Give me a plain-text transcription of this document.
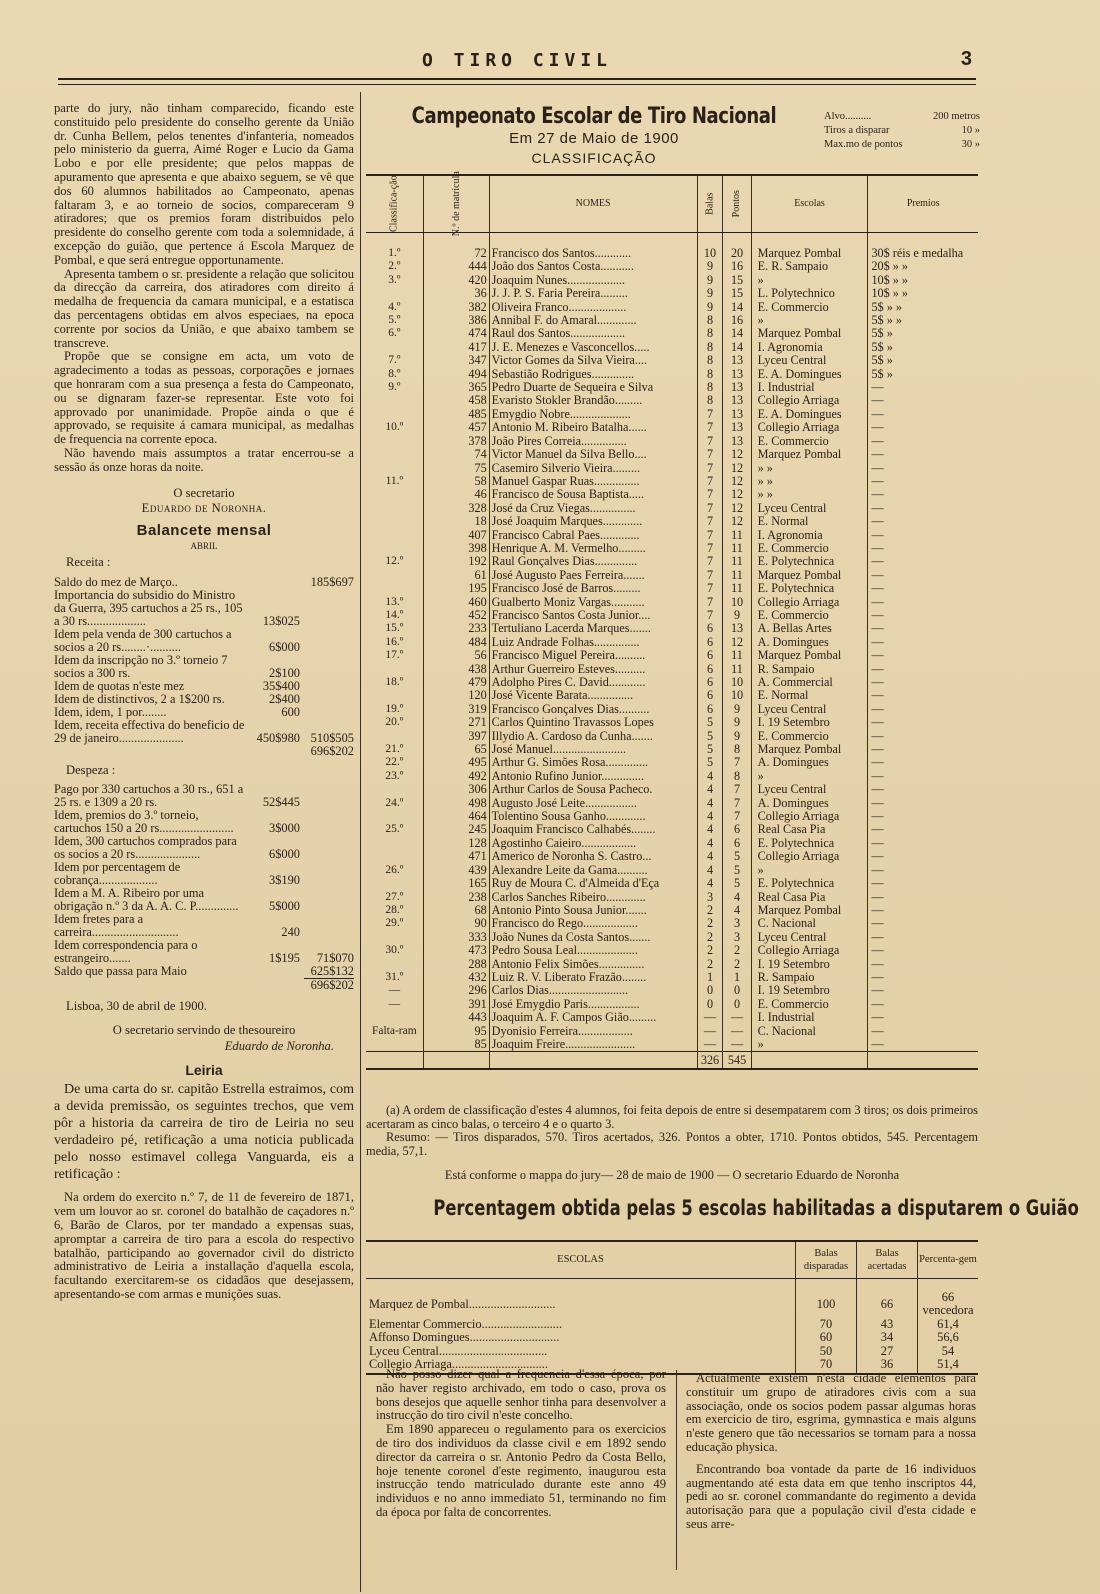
O TIRO CIVIL	3

parte do jury, não tinham comparecido, ficando este constituido pelo presidente do conselho gerente da União dr. Cunha Bellem, pelos tenentes d'infanteria, nomeados pelo ministerio da guerra, Aimé Roger e Lucio da Gama Lobo e por elle presidente; que pelos mappas de apuramento que apresenta e que abaixo seguem, se vê que dos 60 alumnos habilitados ao Campeonato, apenas faltaram 3, e ao torneio de socios, compareceram 9 atiradores; que os premios foram distribuidos pelo presidente do conselho gerente com toda a solemnidade, á excepção do guião, que pertence á Escola Marquez de Pombal, e que será entregue opportunamente.

Apresenta tambem o sr. presidente a relação que solicitou da direcção da carreira, dos atiradores com direito á medalha de frequencia da camara municipal, e a estatisca das percentagens obtidas em alvos especiaes, na epoca corrente por socios da União, e que abaixo tambem se transcreve.

Propõe que se consigne em acta, um voto de agradecimento a todas as pessoas, corporações e jornaes que honraram com a sua presença a festa do Campeonato, ou se dignaram fazer-se representar. Este voto foi approvado por unanimidade. Propõe ainda o que é approvado, se requisite á camara municipal, as medalhas de frequencia na corrente epoca.

Não havendo mais assumptos a tratar encerrou-se a sessão ás onze horas da noite.

O secretario
Eduardo de Noronha.
Balancete mensal
ABRIL
Receita :
Saldo do mez de Março..		185$697
Importancia do subsidio do Ministro da Guerra, 395 cartuchos a 25 rs., 105 a 30 rs...................	13$025	
Idem pela venda de 300 cartuchos a socios a 20 rs........·..........	6$000	
Idem da inscripção no 3.º torneio 7 socios a 300 rs.	2$100	
Idem de quotas n'este mez	35$400	
Idem de distinctivos, 2 a 1$200 rs.	2$400	
Idem, idem, 1 por........	600	
Idem, receita effectiva do beneficio de 29 de janeiro.....................	450$980	510$505
		696$202
Despeza :
Pago por 330 cartuchos a 30 rs., 651 a 25 rs. e 1309 a 20 rs.	52$445	
Idem, premios do 3.º torneio, cartuchos 150 a 20 rs........................	3$000	
Idem, 300 cartuchos comprados para os socios a 20 rs.....................	6$000	
Idem por percentagem de cobrança...................	3$190	
Idem a M. A. Ribeiro por uma obrigação n.º 3 da A. A. C. P..............	5$000	
Idem fretes para a carreira............................	240	
Idem correspondencia para o estrangeiro.......	1$195	71$070
Saldo que passa para Maio		625$132
		696$202
Lisboa, 30 de abril de 1900.
O secretario servindo de thesoureiro
Eduardo de Noronha.
Leiria

De uma carta do sr. capitão Estrella estraimos, com a devida premissão, os seguintes trechos, que vem pôr a historia da carreira de tiro de Leiria no seu verdadeiro pé, retificação a uma noticia publicada pelo nosso estimavel collega Vanguarda, eis a retificação :

Na ordem do exercito n.º 7, de 11 de fevereiro de 1871, vem um louvor ao sr. coronel do batalhão de caçadores n.º 6, Barão de Claros, por ter mandado a expensas suas, apromptar a carreira de tiro para a escola do respectivo batalhão, participando ao governador civil do districto administrativo de Leiria a installação d'aquella escola, facultando exercitarem-se os cidadãos que desejassem, apresentando-se com armas e munições suas.

Campeonato Escolar de Tiro Nacional
Em 27 de Maio de 1900
CLASSIFICAÇÃO
Alvo..........	200 metros
Tiros a disparar	10 »
Max.mo de pontos	30 »
Classifica-ção	N.º de matricula	NOMES	Balas	Pontos	Escolas	Premios
1.º	72	Francisco dos Santos............	10	20	Marquez Pombal	30$ réis e medalha
2.º	444	João dos Santos Costa...........	9	16	E. R. Sampaio	20$ » »
3.º	420	Joaquim Nunes...................	9	15	»	10$ » »
	36	J. J. P. S. Faria Pereira.........	9	15	L. Polytechnico	10$ » »
4.º	382	Oliveira Franco...................	9	14	E. Commercio	5$ » »
5.º	386	Annibal F. do Amaral.............	8	16	»	5$ » »
6.º	474	Raul dos Santos..................	8	14	Marquez Pombal	5$ »
	417	J. E. Menezes e Vasconcellos.....	8	14	I. Agronomia	5$ »
7.º	347	Victor Gomes da Silva Vieira....	8	13	Lyceu Central	5$ »
8.º	494	Sebastião Rodrigues..............	8	13	E. A. Domingues	5$ »
9.º	365	Pedro Duarte de Sequeira e Silva	8	13	I. Industrial	—
	458	Evaristo Stokler Brandão.........	8	13	Collegio Arriaga	—
	485	Emygdio Nobre....................	7	13	E. A. Domingues	—
10.º	457	Antonio M. Ribeiro Batalha......	7	13	Collegio Arriaga	—
	378	João Pires Correia...............	7	13	E. Commercio	—
	74	Victor Manuel da Silva Bello....	7	12	Marquez Pombal	—
	75	Casemiro Silverio Vieira.........	7	12	» »	—
11.º	58	Manuel Gaspar Ruas...............	7	12	» »	—
	46	Francisco de Sousa Baptista.....	7	12	» »	—
	328	José da Cruz Viegas...............	7	12	Lyceu Central	—
	18	José Joaquim Marques.............	7	12	E. Normal	—
	407	Francisco Cabral Paes.............	7	11	I. Agronomia	—
	398	Henrique A. M. Vermelho.........	7	11	E. Commercio	—
12.º	192	Raul Gonçalves Dias..............	7	11	E. Polytechnica	—
	61	José Augusto Paes Ferreira.......	7	11	Marquez Pombal	—
	195	Francisco José de Barros.........	7	11	E. Polytechnica	—
13.º	460	Gualberto Moniz Vargas...........	7	10	Collegio Arriaga	—
14.º	452	Francisco Santos Costa Junior....	7	9	E. Commercio	—
15.º	233	Tertuliano Lacerda Marques.......	6	13	A. Bellas Artes	—
16.º	484	Luiz Andrade Folhas...............	6	12	A. Domingues	—
17.º	56	Francisco Miguel Pereira..........	6	11	Marquez Pombal	—
	438	Arthur Guerreiro Esteves..........	6	11	R. Sampaio	—
18.º	479	Adolpho Pires C. David............	6	10	A. Commercial	—
	120	José Vicente Barata...............	6	10	E. Normal	—
19.º	319	Francisco Gonçalves Dias..........	6	9	Lyceu Central	—
20.º	271	Carlos Quintino Travassos Lopes	5	9	I. 19 Setembro	—
	397	Illydio A. Cardoso da Cunha.......	5	9	E. Commercio	—
21.º	65	José Manuel........................	5	8	Marquez Pombal	—
22.º	495	Arthur G. Simões Rosa..............	5	7	A. Domingues	—
23.º	492	Antonio Rufino Junior..............	4	8	»	—
	306	Arthur Carlos de Sousa Pacheco.	4	7	Lyceu Central	—
24.º	498	Augusto José Leite.................	4	7	A. Domingues	—
	464	Tolentino Sousa Ganho.............	4	7	Collegio Arriaga	—
25.º	245	Joaquim Francisco Calhabés........	4	6	Real Casa Pia	—
	128	Agostinho Caieiro..................	4	6	E. Polytechnica	—
	471	Americo de Noronha S. Castro...	4	5	Collegio Arriaga	—
26.º	439	Alexandre Leite da Gama..........	4	5	»	—
	165	Ruy de Moura C. d'Almeida d'Eça	4	5	E. Polytechnica	—
27.º	238	Carlos Sanches Ribeiro.............	3	4	Real Casa Pia	—
28.º	68	Antonio Pinto Sousa Junior.......	2	4	Marquez Pombal	—
29.º	90	Francisco do Rego..................	2	3	C. Nacional	—
	333	João Nunes da Costa Santos.......	2	3	Lyceu Central	—
30.º	473	Pedro Sousa Leal....................	2	2	Collegio Arriaga	—
	288	Antonio Felix Simões...............	2	2	I. 19 Setembro	—
31.º	432	Luiz R. V. Liberato Frazão........	1	1	R. Sampaio	—
—	296	Carlos Dias..........................	0	0	I. 19 Setembro	—
—	391	José Emygdio Paris.................	0	0	E. Commercio	—
	443	Joaquim A. F. Campos Gião.........	—	—	I. Industrial	—
Falta-ram	95	Dyonisio Ferreira..................	—	—	C. Nacional	—
	85	Joaquim Freire.......................	—	—	»	—
			326	545		

(a) A ordem de classificação d'estes 4 alumnos, foi feita depois de entre si desempatarem com 3 tiros; os dois primeiros acertaram as cinco balas, o terceiro 4 e o quarto 3.

Resumo: — Tiros disparados, 570. Tiros acertados, 326. Pontos a obter, 1710. Pontos obtidos, 545. Percentagem media, 57,1.

Está conforme o mappa do jury— 28 de maio de 1900 — O secretario Eduardo de Noronha
Percentagem obtida pelas 5 escolas habilitadas a disputarem o Guião
ESCOLAS	Balas disparadas	Balas acertadas	Percenta-gem
Marquez de Pombal............................	100	66	66 vencedora
Elementar Commercio..........................	70	43	61,4
Affonso Domingues.............................	60	34	56,6
Lyceu Central...................................	50	27	54
Collegio Arriaga...............................	70	36	51,4

Não posso dizer qual a frequencia d'essa época, por não haver registo archivado, em todo o caso, prova os bons desejos que aquelle senhor tinha para desenvolver a instrucção do tiro civil n'este concelho.

Em 1890 appareceu o regulamento para os exercicios de tiro dos individuos da classe civil e em 1892 sendo director da carreira o sr. Antonio Pedro da Costa Bello, hoje tenente coronel d'este regimento, inaugurou esta instrucção tendo matriculado durante este anno 49 individuos e no anno immediato 51, terminando no fim da época por falta de concorrentes.

Actualmente existem n'esta cidade elementos para constituir um grupo de atiradores civis com a sua associação, onde os socios podem passar algumas horas em exercicio de tiro, esgrima, gymnastica e mais alguns n'este genero que tão necessarios se tornam para a nossa educação physica.

Encontrando boa vontade da parte de 16 individuos augmentando até esta data em que tenho inscriptos 44, pedi ao sr. coronel commandante do regimento a devida autorisação para que a população civil d'esta cidade e seus arre-
